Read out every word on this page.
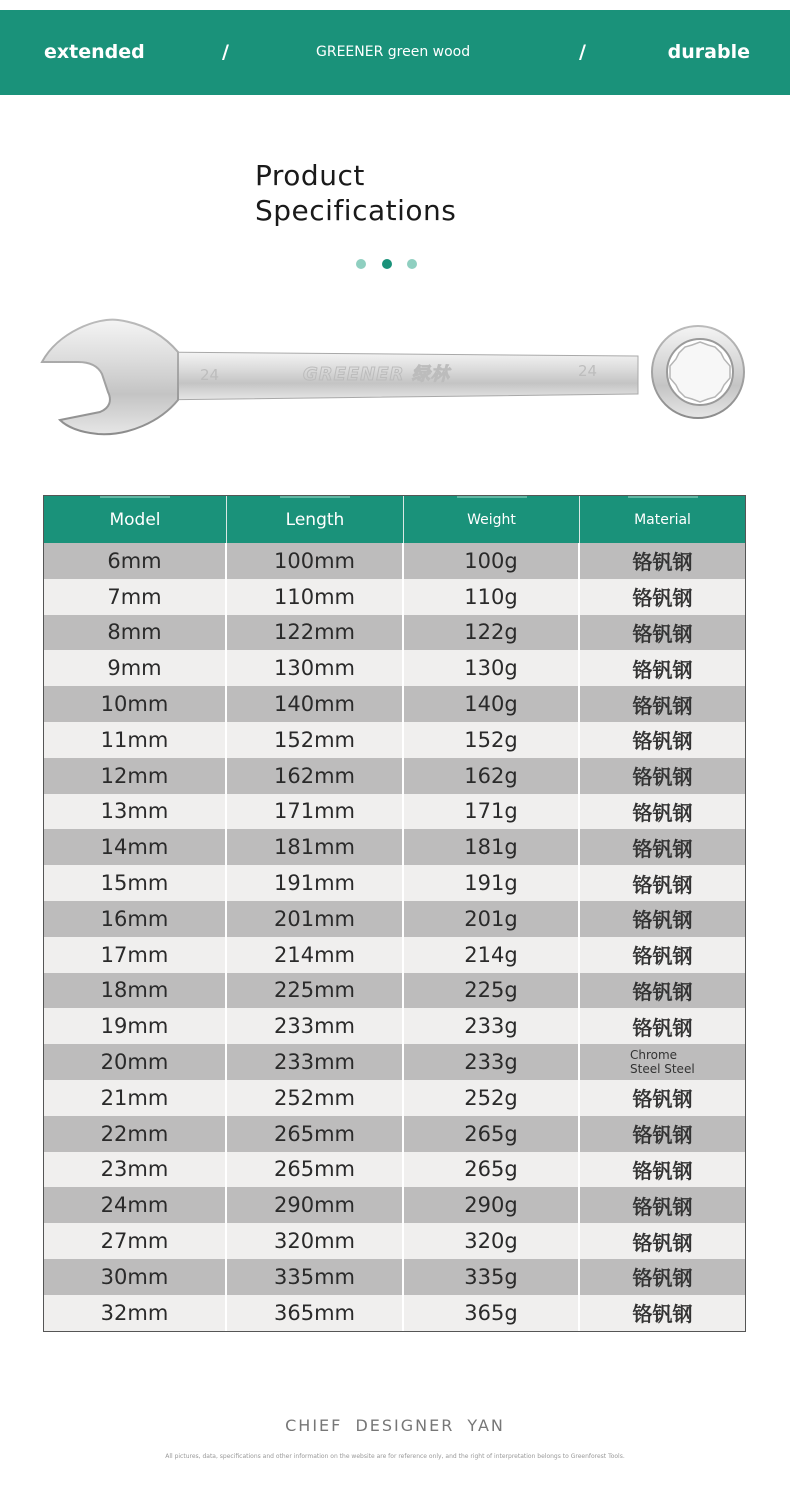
extended	/	GREENER green wood	/	durable
Product
Specifications
24	GREENER 绿林	24
Model	Length	Weight	Material
6mm	100mm	100g	铬钒钢
7mm	110mm	110g	铬钒钢
8mm	122mm	122g	铬钒钢
9mm	130mm	130g	铬钒钢
10mm	140mm	140g	铬钒钢
11mm	152mm	152g	铬钒钢
12mm	162mm	162g	铬钒钢
13mm	171mm	171g	铬钒钢
14mm	181mm	181g	铬钒钢
15mm	191mm	191g	铬钒钢
16mm	201mm	201g	铬钒钢
17mm	214mm	214g	铬钒钢
18mm	225mm	225g	铬钒钢
19mm	233mm	233g	铬钒钢
20mm	233mm	233g	Chrome
Steel Steel
21mm	252mm	252g	铬钒钢
22mm	265mm	265g	铬钒钢
23mm	265mm	265g	铬钒钢
24mm	290mm	290g	铬钒钢
27mm	320mm	320g	铬钒钢
30mm	335mm	335g	铬钒钢
32mm	365mm	365g	铬钒钢
CHIEF DESIGNER YAN
All pictures, data, specifications and other information on the website are for reference only, and the right of interpretation belongs to Greenforest Tools.
